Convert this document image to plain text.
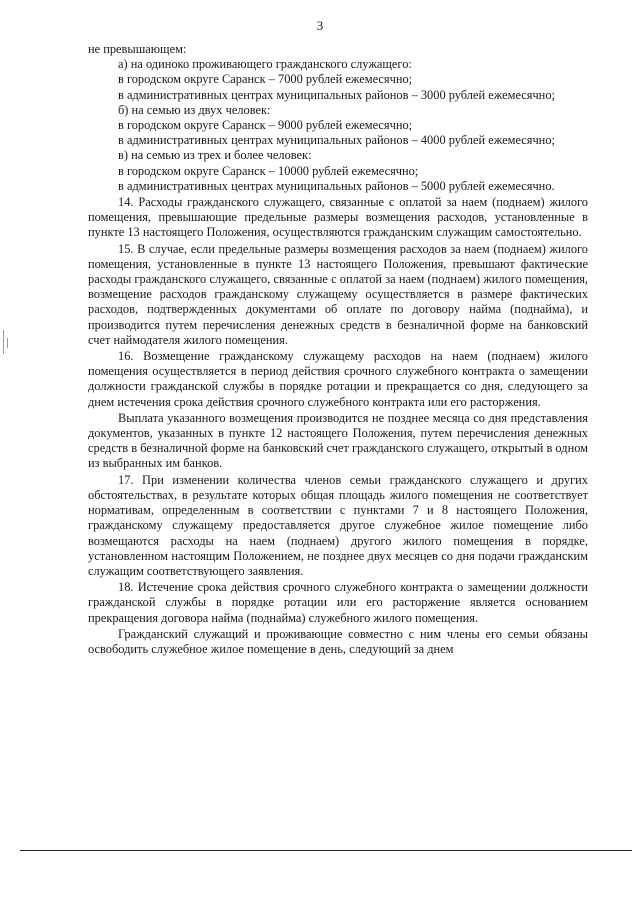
3

не превышающем:

а) на одиноко проживающего гражданского служащего:

в городском округе Саранск – 7000 рублей ежемесячно;

в административных центрах муниципальных районов – 3000 рублей ежемесячно;

б) на семью из двух человек:

в городском округе Саранск – 9000 рублей ежемесячно;

в административных центрах муниципальных районов – 4000 рублей ежемесячно;

в) на семью из трех и более человек:

в городском округе Саранск – 10000 рублей ежемесячно;

в административных центрах муниципальных районов – 5000 рублей ежемесячно.

14. Расходы гражданского служащего, связанные с оплатой за наем (поднаем) жилого помещения, превышающие предельные размеры возмещения расходов, установленные в пункте 13 настоящего Положения, осуществляются гражданским служащим самостоятельно.

15. В случае, если предельные размеры возмещения расходов за наем (поднаем) жилого помещения, установленные в пункте 13 настоящего Положения, превышают фактические расходы гражданского служащего, связанные с оплатой за наем (поднаем) жилого помещения, возмещение расходов гражданскому служащему осуществляется в размере фактических расходов, подтвержденных документами об оплате по договору найма (поднайма), и производится путем перечисления денежных средств в безналичной форме на банковский счет наймодателя жилого помещения.

16. Возмещение гражданскому служащему расходов на наем (поднаем) жилого помещения осуществляется в период действия срочного служебного контракта о замещении должности гражданской службы в порядке ротации и прекращается со дня, следующего за днем истечения срока действия срочного служебного контракта или его расторжения.

Выплата указанного возмещения производится не позднее месяца со дня представления документов, указанных в пункте 12 настоящего Положения, путем перечисления денежных средств в безналичной форме на банковский счет гражданского служащего, открытый в одном из выбранных им банков.

17. При изменении количества членов семьи гражданского служащего и других обстоятельствах, в результате которых общая площадь жилого помещения не соответствует нормативам, определенным в соответствии с пунктами 7 и 8 настоящего Положения, гражданскому служащему предоставляется другое служебное жилое помещение либо возмещаются расходы на наем (поднаем) другого жилого помещения в порядке, установленном настоящим Положением, не позднее двух месяцев со дня подачи гражданским служащим соответствующего заявления.

18. Истечение срока действия срочного служебного контракта о замещении должности гражданской службы в порядке ротации или его расторжение является основанием прекращения договора найма (поднайма) служебного жилого помещения.

Гражданский служащий и проживающие совместно с ним члены его семьи обязаны освободить служебное жилое помещение в день, следующий за днем
